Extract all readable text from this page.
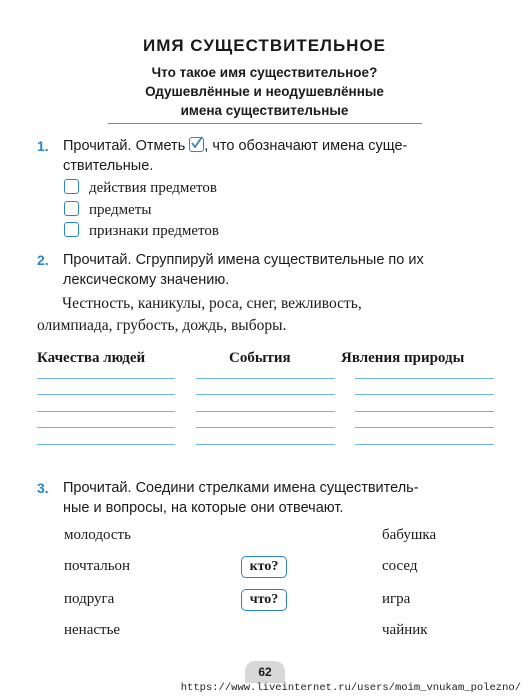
ИМЯ СУЩЕСТВИТЕЛЬНОЕ
Что такое имя существительное?
Одушевлённые и неодушевлённые
имена существительные
1. Прочитай. Отметь , что обозначают имена суще-
ствительные.
действия предметов
предметы
признаки предметов
2. Прочитай. Сгруппируй имена существительные по их
лексическому значению.
Честность, каникулы, роса, снег, вежливость,
олимпиада, грубость, дождь, выборы.
Качества людей	События	Явления природы
3. Прочитай. Соедини стрелками имена существитель-
ные и вопросы, на которые они отвечают.
молодость
почтальон
подруга
ненастье
кто?
что?
бабушка
сосед
игра
чайник
62
https://www.liveinternet.ru/users/moim_vnukam_polezno/
